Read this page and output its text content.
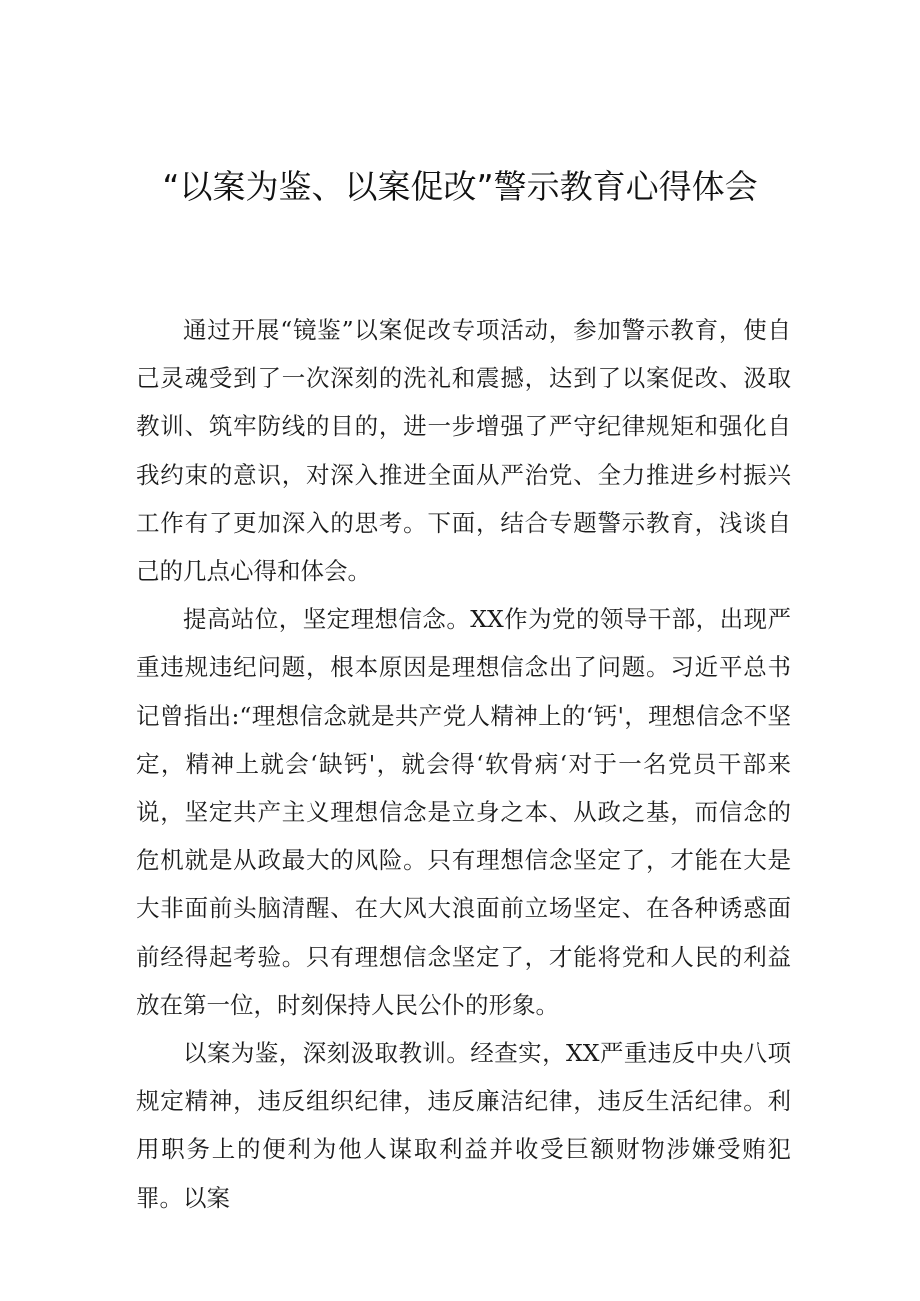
“以案为鉴、以案促改”警示教育心得体会

通过开展“镜鉴”以案促改专项活动，参加警示教育，使自己灵魂受到了一次深刻的洗礼和震撼，达到了以案促改、汲取教训、筑牢防线的目的，进一步增强了严守纪律规矩和强化自我约束的意识，对深入推进全面从严治党、全力推进乡村振兴工作有了更加深入的思考。下面，结合专题警示教育，浅谈自己的几点心得和体会。

提高站位，坚定理想信念。XX作为党的领导干部，出现严重违规违纪问题，根本原因是理想信念出了问题。习近平总书记曾指出:“理想信念就是共产党人精神上的‘钙'，理想信念不坚定，精神上就会‘缺钙'，就会得‘软骨病‘对于一名党员干部来说，坚定共产主义理想信念是立身之本、从政之基，而信念的危机就是从政最大的风险。只有理想信念坚定了，才能在大是大非面前头脑清醒、在大风大浪面前立场坚定、在各种诱惑面前经得起考验。只有理想信念坚定了，才能将党和人民的利益放在第一位，时刻保持人民公仆的形象。

以案为鉴，深刻汲取教训。经查实，XX严重违反中央八项规定精神，违反组织纪律，违反廉洁纪律，违反生活纪律。利用职务上的便利为他人谋取利益并收受巨额财物涉嫌受贿犯罪。以案
